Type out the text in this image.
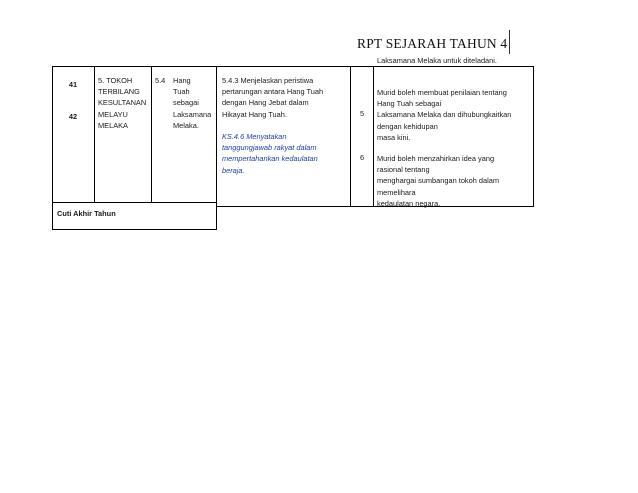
RPT SEJARAH TAHUN 4
41
42
5. TOKOH
TERBILANG
KESULTANAN
MELAYU
MELAKA
5.4 Hang
Tuah
sebagai
Laksamana
Melaka.
5.4.3 Menjelaskan peristiwa
pertarungan antara Hang Tuah
dengan Hang Jebat dalam
Hikayat Hang Tuah.
KS.4.6 Menyatakan
tanggungjawab rakyat dalam
mempertahankan kedaulatan
beraja.
5
6
Laksamana Melaka untuk diteladani.
Murid boleh membuat penilaian tentang
Hang Tuah sebagai
Laksamana Melaka dan dihubungkaitkan
dengan kehidupan
masa kini.
Murid boleh menzahirkan idea yang
rasional tentang
menghargai sumbangan tokoh dalam
memelihara
kedaulatan negara.
Cuti Akhir Tahun
